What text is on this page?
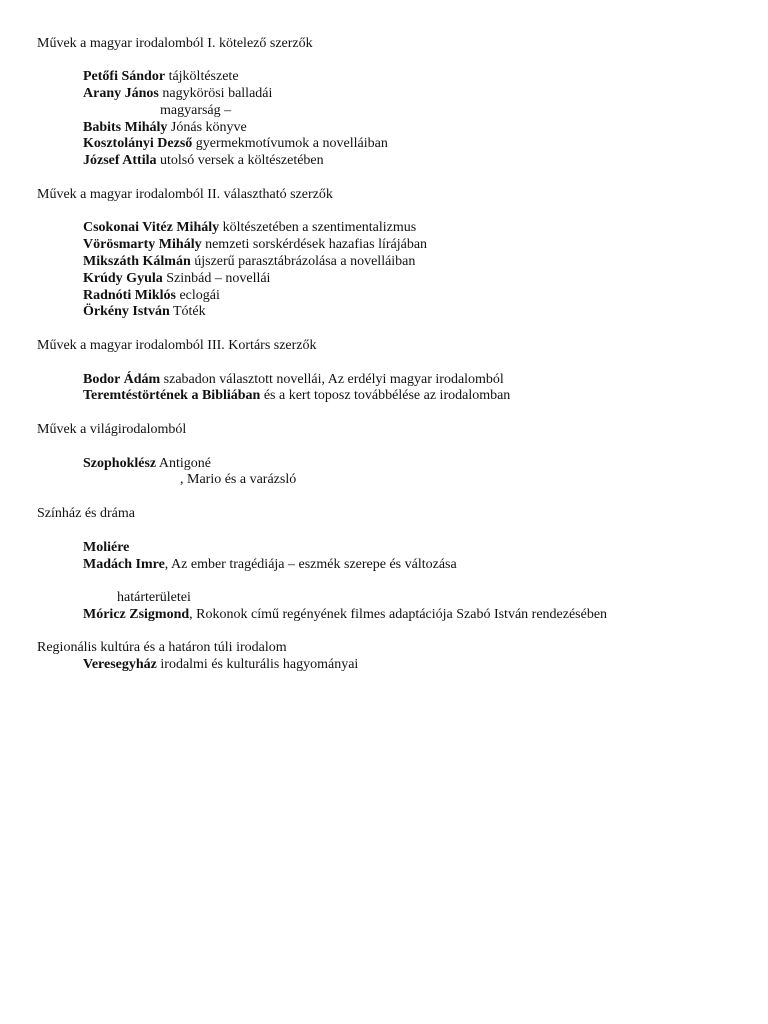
Művek a magyar irodalomból I. kötelező szerzők
Petőfi Sándor tájköltészete
Arany János nagykörösi balladái
magyarság –
Babits Mihály Jónás könyve
Kosztolányi Dezső gyermekmotívumok a novelláiban
József Attila utolsó versek a költészetében
Művek a magyar irodalomból II. választható szerzők
Csokonai Vitéz Mihály költészetében a szentimentalizmus
Vörösmarty Mihály nemzeti sorskérdések hazafias lírájában
Mikszáth Kálmán újszerű parasztábrázolása a novelláiban
Krúdy Gyula Szinbád – novellái
Radnóti Miklós eclogái
Örkény István Tóték
Művek a magyar irodalomból III. Kortárs szerzők
Bodor Ádám szabadon választott novellái, Az erdélyi magyar irodalomból
Teremtéstörtének a Bibliában és a kert toposz továbbélése az irodalomban
Művek a világirodalomból
Szophoklész Antigoné
, Mario és a varázsló
Színház és dráma
Moliére
Madách Imre, Az ember tragédiája – eszmék szerepe és változása
határterületei
Móricz Zsigmond, Rokonok című regényének filmes adaptációja Szabó István rendezésében
Regionális kultúra és a határon túli irodalom
Veresegyház irodalmi és kulturális hagyományai
